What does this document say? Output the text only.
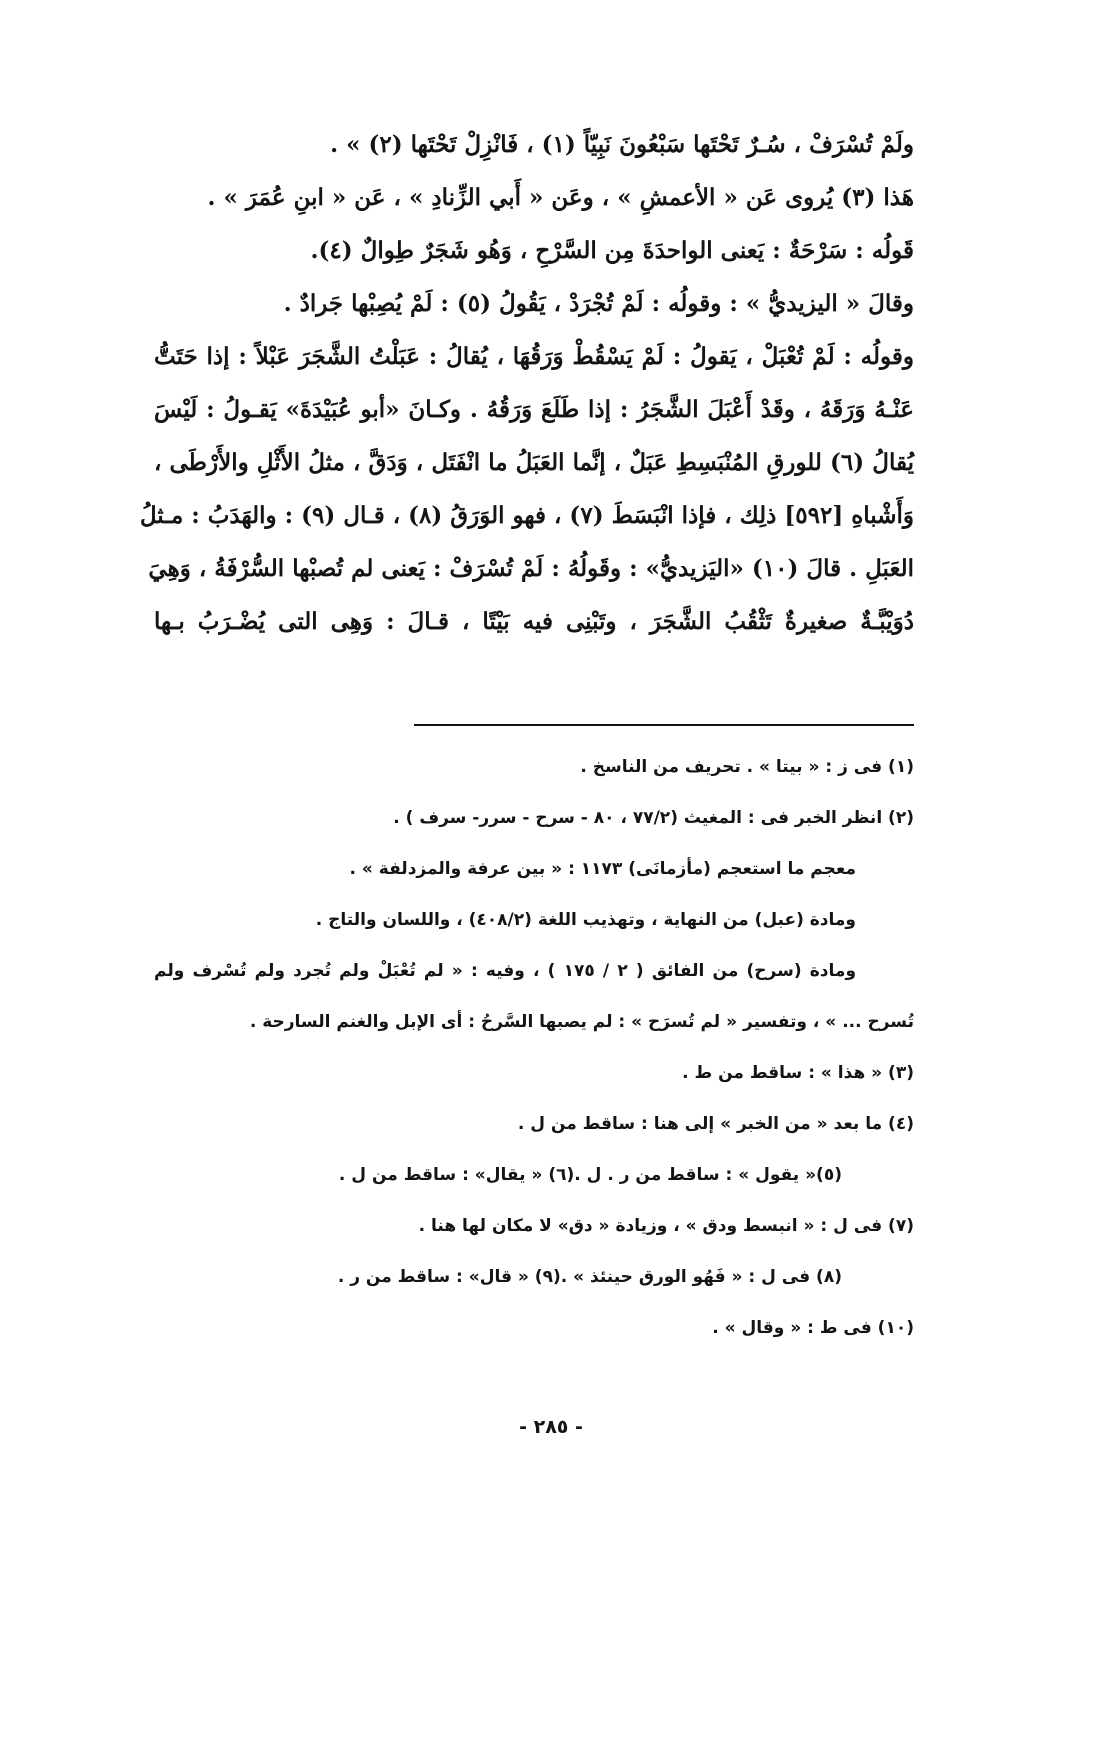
ولَمْ تُسْرَفْ ، سُـرٌ تَحْتَها سَبْعُونَ نَبِيّاً (١) ، فَانْزِلْ تَحْتَها (٢) » .
هَذا (٣) يُروى عَن « الأعمشِ » ، وعَن « أَبي الزِّنادِ » ، عَن « ابنِ عُمَرَ » .
قَولُه : سَرْحَةٌ : يَعنى الواحدَةَ مِن السَّرْحِ ، وَهُو شَجَرٌ طِوالٌ (٤).
وقالَ « اليزيديُّ » : وقولُه : لَمْ تُجْرَدْ ، يَقُولُ (٥) : لَمْ يُصِبْها جَرادٌ .
وقولُه : لَمْ تُعْبَلْ ، يَقولُ : لَمْ يَسْقُطْ وَرَقُهَا ، يُقالُ : عَبَلْتُ الشَّجَرَ عَبْلاً : إذا حَتَتُّ
عَنْـهُ وَرَقَهُ ، وقَدْ أَعْبَلَ الشَّجَرُ : إذا طَلَعَ وَرَقُهُ . وكـانَ «أبو عُبَيْدَةَ» يَقـولُ : لَيْسَ
يُقالُ (٦) للورقِ المُنْبَسِطِ عَبَلٌ ، إنَّما العَبَلُ ما انْفَتَل ، وَدَقَّ ، مثلُ الأَثْلِ والأَرْطَى ،
وَأَشْباهِ [٥٩٢] ذلِك ، فإذا انْبَسَطَ (٧) ، فهو الوَرَقُ (٨) ، قـال (٩) : والهَدَبُ : مـثلُ
العَبَلِ . قالَ (١٠) «اليَزيديُّ» : وقَولُهُ : لَمْ تُسْرَفْ : يَعنى لم تُصبْها السُّرْفَةُ ، وَهِيَ
دُوَيْبَّـةٌ صغيرةٌ تَثْقُبُ الشَّجَرَ ، وتَبْنِى فيه بَيْتًا ، قـالَ : وَهِى التى يُضْـرَبُ بـها
(١) فى ز : « بيتا » . تحريف من الناسخ .
(٢) انظر الخبر فى : المغيث (٧٧/٢ ، ٨٠ - سرح - سرر- سرف ) .
معجم ما استعجم (مأزمانَى) ١١٧٣ : « بين عرفة والمزدلفة » .
ومادة (عبل) من النهاية ، وتهذيب اللغة (٤٠٨/٢) ، واللسان والتاج .
ومادة (سرح) من الفائق ( ٢ / ١٧٥ ) ، وفيه : « لم تُعْبَلْ ولم تُجرد ولم تُسْرف ولم
تُسرح ... » ، وتفسير « لم تُسرَح » : لم يصبها السَّرحُ : أى الإبل والغنم السارحة .
(٣) « هذا » : ساقط من ط .
(٤) ما بعد « من الخبر » إلى هنا : ساقط من ل .
(٥)« يقول » : ساقط من ر . ل .
(٦) « يقال» : ساقط من ل .
(٧) فى ل : « انبسط ودق » ، وزيادة « دق» لا مكان لها هنا .
(٨) فى ل : « فَهُو الورق حينئذ » .
(٩) « قال» : ساقط من ر .
(١٠) فى ط : « وقال » .
- ٢٨٥ -
